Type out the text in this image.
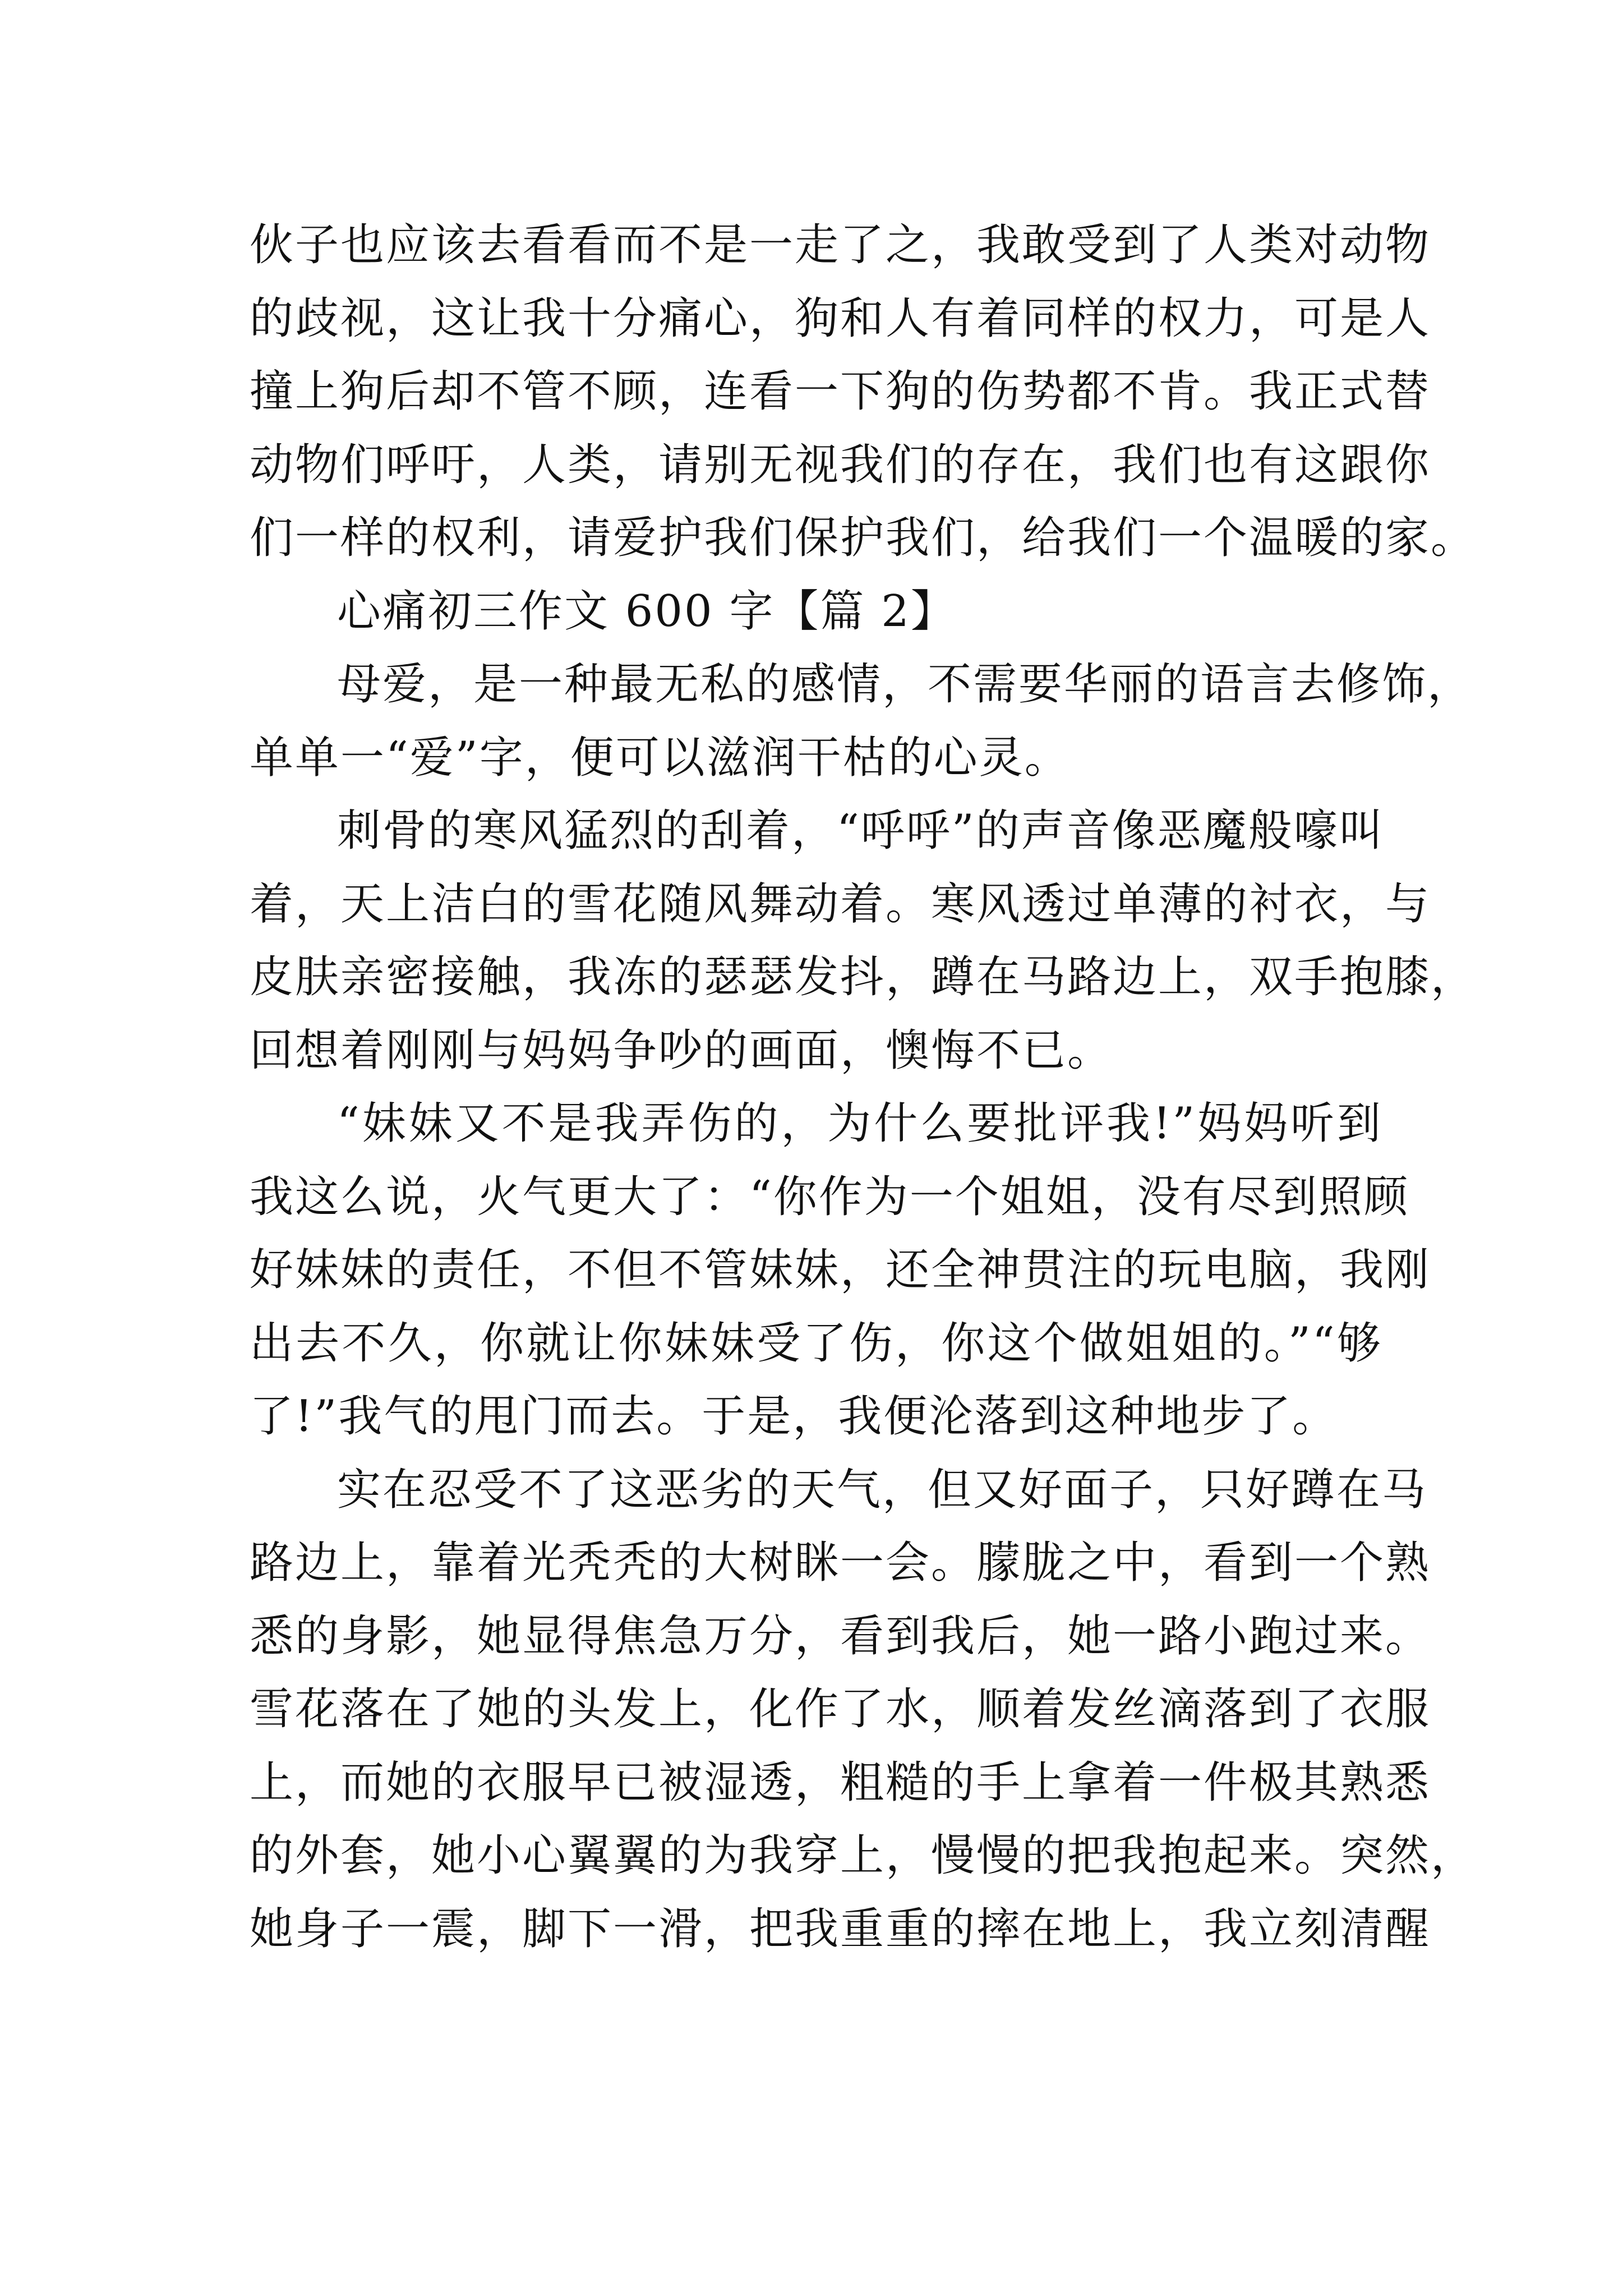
伙子也应该去看看而不是一走了之，我敢受到了人类对动物
的歧视，这让我十分痛心，狗和人有着同样的权力，可是人
撞上狗后却不管不顾，连看一下狗的伤势都不肯。我正式替
动物们呼吁，人类，请别无视我们的存在，我们也有这跟你
们一样的权利，请爱护我们保护我们，给我们一个温暖的家。
心痛初三作文 600 字【篇 2】
母爱，是一种最无私的感情，不需要华丽的语言去修饰，
单单一“爱”字，便可以滋润干枯的心灵。
刺骨的寒风猛烈的刮着，“呼呼”的声音像恶魔般嚎叫
着，天上洁白的雪花随风舞动着。寒风透过单薄的衬衣，与
皮肤亲密接触，我冻的瑟瑟发抖，蹲在马路边上，双手抱膝，
回想着刚刚与妈妈争吵的画面，懊悔不已。
“妹妹又不是我弄伤的，为什么要批评我!”妈妈听到
我这么说，火气更大了：“你作为一个姐姐，没有尽到照顾
好妹妹的责任，不但不管妹妹，还全神贯注的玩电脑，我刚
出去不久，你就让你妹妹受了伤，你这个做姐姐的。”“够
了!”我气的甩门而去。于是，我便沦落到这种地步了。
实在忍受不了这恶劣的天气，但又好面子，只好蹲在马
路边上，靠着光秃秃的大树眯一会。朦胧之中，看到一个熟
悉的身影，她显得焦急万分，看到我后，她一路小跑过来。
雪花落在了她的头发上，化作了水，顺着发丝滴落到了衣服
上，而她的衣服早已被湿透，粗糙的手上拿着一件极其熟悉
的外套，她小心翼翼的为我穿上，慢慢的把我抱起来。突然，
她身子一震，脚下一滑，把我重重的摔在地上，我立刻清醒
